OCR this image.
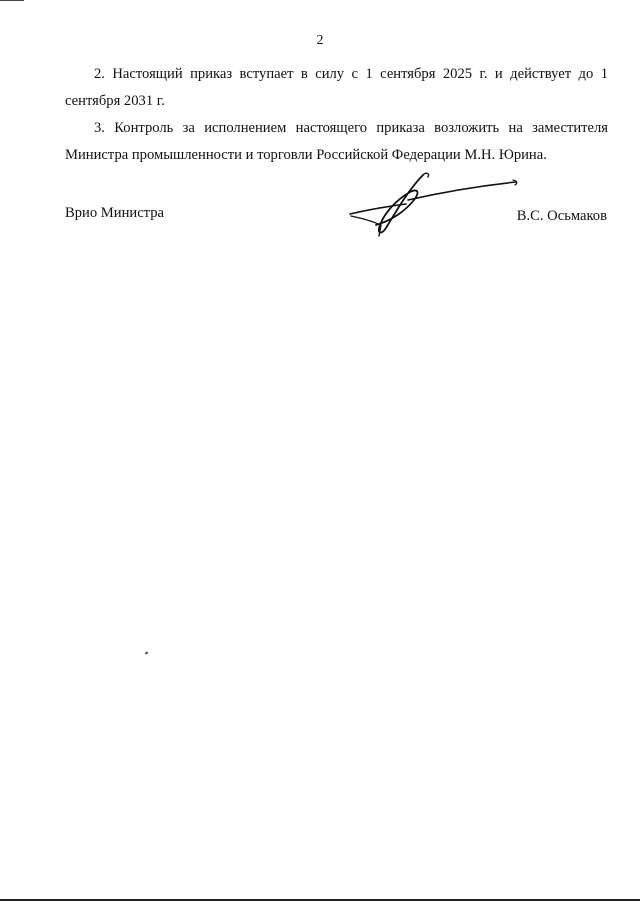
2

2. Настоящий приказ вступает в силу с 1 сентября 2025 г. и действует до 1 сентября 2031 г.

3. Контроль за исполнением настоящего приказа возложить на заместителя Министра промышленности и торговли Российской Федерации М.Н. Юрина.

Врио Министра	В.С. Осьмаков
